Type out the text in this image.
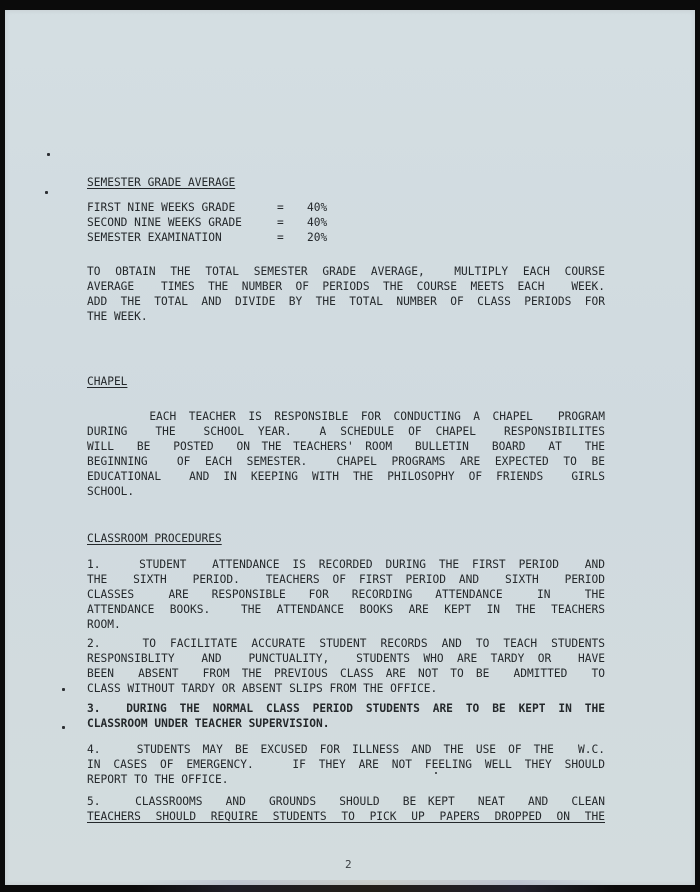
SEMESTER GRADE AVERAGE
FIRST NINE WEEKS GRADE	=	40%
SECOND NINE WEEKS GRADE	=	40%
SEMESTER EXAMINATION	=	20%
TO OBTAIN THE TOTAL SEMESTER GRADE AVERAGE,  MULTIPLY EACH COURSE
AVERAGE  TIMES THE NUMBER OF PERIODS THE COURSE MEETS EACH  WEEK.
ADD THE TOTAL AND DIVIDE BY THE TOTAL NUMBER OF CLASS PERIODS FOR
THE WEEK.
CHAPEL
EACH TEACHER IS RESPONSIBLE FOR CONDUCTING A CHAPEL  PROGRAM
DURING  THE  SCHOOL YEAR.  A SCHEDULE OF CHAPEL  RESPONSIBILITES
WILL  BE  POSTED  ON THE TEACHERS' ROOM  BULLETIN  BOARD  AT  THE
BEGINNING  OF EACH SEMESTER.  CHAPEL PROGRAMS ARE EXPECTED TO BE
EDUCATIONAL  AND IN KEEPING WITH THE PHILOSOPHY OF FRIENDS  GIRLS
SCHOOL.
CLASSROOM PROCEDURES
1.   STUDENT  ATTENDANCE IS RECORDED DURING THE FIRST PERIOD  AND
THE  SIXTH  PERIOD.  TEACHERS OF FIRST PERIOD AND  SIXTH  PERIOD
CLASSES   ARE  RESPONSIBLE  FOR  RECORDING  ATTENDANCE   IN   THE
ATTENDANCE BOOKS.  THE ATTENDANCE BOOKS ARE KEPT IN THE TEACHERS
ROOM.
2.   TO FACILITATE ACCURATE STUDENT RECORDS AND TO TEACH STUDENTS
RESPONSIBLITY  AND  PUNCTUALITY,  STUDENTS WHO ARE TARDY OR  HAVE
BEEN  ABSENT  FROM THE PREVIOUS CLASS ARE NOT TO BE  ADMITTED  TO
CLASS WITHOUT TARDY OR ABSENT SLIPS FROM THE OFFICE.
3.  DURING THE NORMAL CLASS PERIOD STUDENTS ARE TO BE KEPT IN THE
CLASSROOM UNDER TEACHER SUPERVISION.
4.   STUDENTS MAY BE EXCUSED FOR ILLNESS AND THE USE OF THE  W.C.
IN CASES OF EMERGENCY.   IF THEY ARE NOT FEELING WELL THEY SHOULD
REPORT TO THE OFFICE.
5.   CLASSROOMS  AND  GROUNDS  SHOULD  BE KEPT  NEAT  AND  CLEAN
TEACHERS SHOULD REQUIRE STUDENTS TO PICK UP PAPERS DROPPED ON THE
2
